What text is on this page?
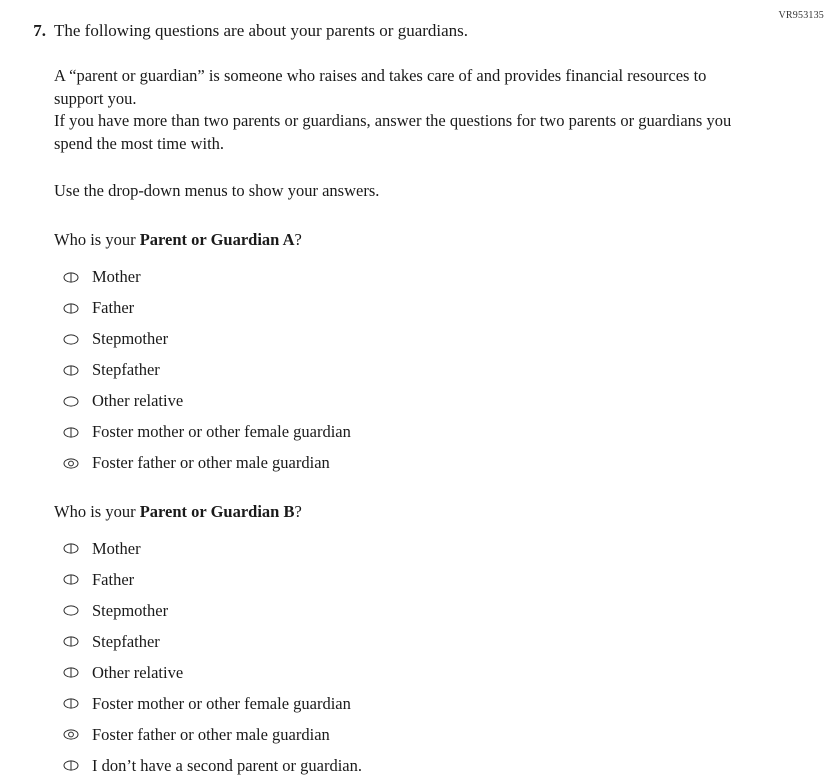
VR953135
7. The following questions are about your parents or guardians.

A “parent or guardian” is someone who raises and takes care of and provides financial resources to support you.

If you have more than two parents or guardians, answer the questions for two parents or guardians you spend the most time with.

Use the drop-down menus to show your answers.
Who is your Parent or Guardian A?
Mother
Father
Stepmother
Stepfather
Other relative
Foster mother or other female guardian
Foster father or other male guardian
Who is your Parent or Guardian B?
Mother
Father
Stepmother
Stepfather
Other relative
Foster mother or other female guardian
Foster father or other male guardian
I don’t have a second parent or guardian.
